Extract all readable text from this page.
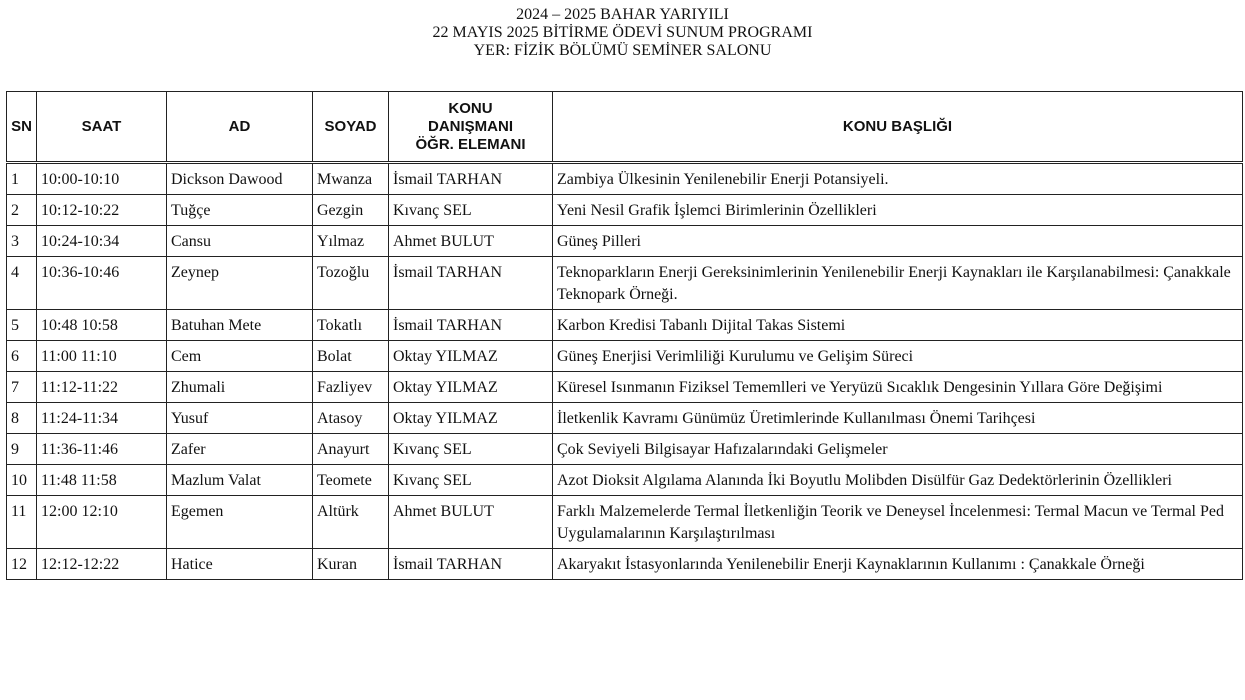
2024 – 2025 BAHAR YARIYILI
22 MAYIS 2025 BİTİRME ÖDEVİ SUNUM PROGRAMI
YER: FİZİK BÖLÜMÜ SEMİNER SALONU
SN	SAAT	AD	SOYAD	KONU
DANIŞMANI
ÖĞR. ELEMANI	KONU BAŞLIĞI
1	10:00-10:10	Dickson Dawood	Mwanza	İsmail TARHAN	Zambiya Ülkesinin Yenilenebilir Enerji Potansiyeli.
2	10:12-10:22	Tuğçe	Gezgin	Kıvanç SEL	Yeni Nesil Grafik İşlemci Birimlerinin Özellikleri
3	10:24-10:34	Cansu	Yılmaz	Ahmet BULUT	Güneş Pilleri
4	10:36-10:46	Zeynep	Tozoğlu	İsmail TARHAN	Teknoparkların Enerji Gereksinimlerinin Yenilenebilir Enerji Kaynakları ile Karşılanabilmesi: Çanakkale Teknopark Örneği.
5	10:48 10:58	Batuhan Mete	Tokatlı	İsmail TARHAN	Karbon Kredisi Tabanlı Dijital Takas Sistemi
6	11:00 11:10	Cem	Bolat	Oktay YILMAZ	Güneş Enerjisi Verimliliği Kurulumu ve Gelişim Süreci
7	11:12-11:22	Zhumali	Fazliyev	Oktay YILMAZ	Küresel Isınmanın Fiziksel Tememlleri ve Yeryüzü Sıcaklık Dengesinin Yıllara Göre Değişimi
8	11:24-11:34	Yusuf	Atasoy	Oktay YILMAZ	İletkenlik Kavramı Günümüz Üretimlerinde Kullanılması Önemi Tarihçesi
9	11:36-11:46	Zafer	Anayurt	Kıvanç SEL	Çok Seviyeli Bilgisayar Hafızalarındaki Gelişmeler
10	11:48 11:58	Mazlum Valat	Teomete	Kıvanç SEL	Azot Dioksit Algılama Alanında İki Boyutlu Molibden Disülfür Gaz Dedektörlerinin Özellikleri
11	12:00 12:10	Egemen	Altürk	Ahmet BULUT	Farklı Malzemelerde Termal İletkenliğin Teorik ve Deneysel İncelenmesi: Termal Macun ve Termal Ped Uygulamalarının Karşılaştırılması
12	12:12-12:22	Hatice	Kuran	İsmail TARHAN	Akaryakıt İstasyonlarında Yenilenebilir Enerji Kaynaklarının Kullanımı : Çanakkale Örneği
